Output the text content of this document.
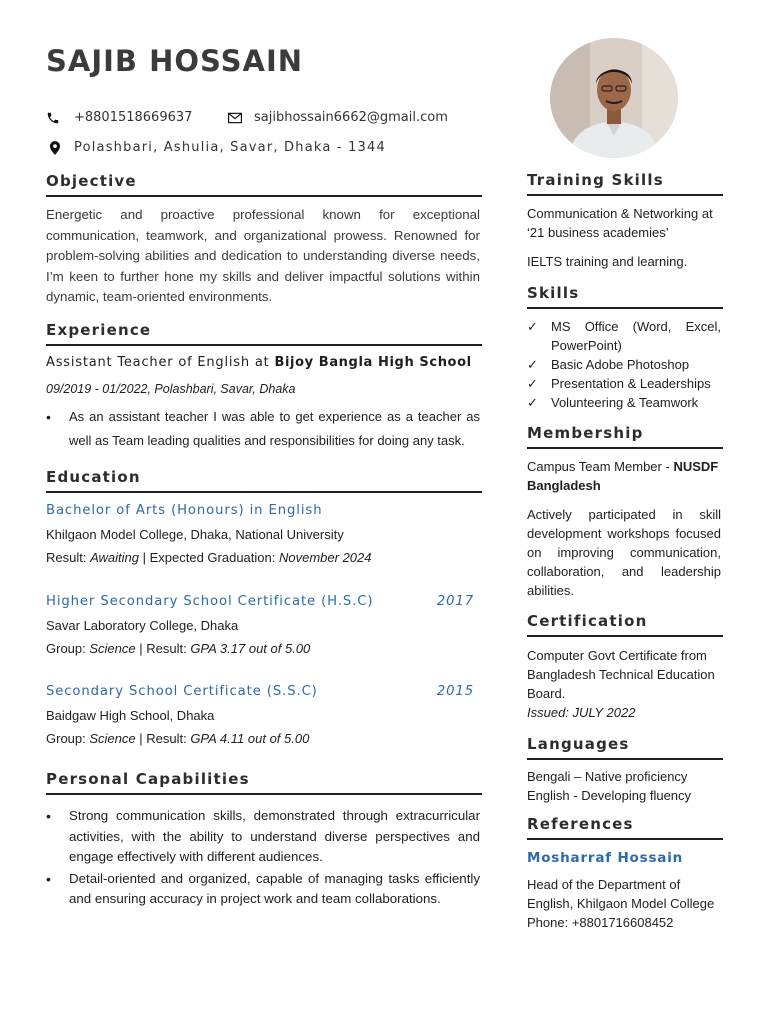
SAJIB HOSSAIN
+8801518669637	sajibhossain6662@gmail.com
Polashbari, Ashulia, Savar, Dhaka - 1344
Objective
Energetic and proactive professional known for exceptional communication, teamwork, and organizational prowess. Renowned for problem-solving abilities and dedication to understanding diverse needs, I’m keen to further hone my skills and deliver impactful solutions within dynamic, team-oriented environments.
Experience
Assistant Teacher of English at Bijoy Bangla High School
09/2019 - 01/2022, Polashbari, Savar, Dhaka
• As an assistant teacher I was able to get experience as a teacher as well as Team leading qualities and responsibilities for doing any task.
Education
Bachelor of Arts (Honours) in English
Khilgaon Model College, Dhaka, National University
Result: Awaiting | Expected Graduation: November 2024
Higher Secondary School Certificate (H.S.C)	2017
Savar Laboratory College, Dhaka
Group: Science | Result: GPA 3.17 out of 5.00
Secondary School Certificate (S.S.C)	2015
Baidgaw High School, Dhaka
Group: Science | Result: GPA 4.11 out of 5.00
Personal Capabilities
• Strong communication skills, demonstrated through extracurricular activities, with the ability to understand diverse perspectives and engage effectively with different audiences.
• Detail-oriented and organized, capable of managing tasks efficiently and ensuring accuracy in project work and team collaborations.
Training Skills
Communication & Networking at ‘21 business academies’
IELTS training and learning.
Skills
✓ MS Office (Word, Excel, PowerPoint)
✓ Basic Adobe Photoshop
✓ Presentation & Leaderships
✓ Volunteering & Teamwork
Membership
Campus Team Member - NUSDF Bangladesh
Actively participated in skill development workshops focused on improving communication, collaboration, and leadership abilities.
Certification
Computer Govt Certificate from Bangladesh Technical Education Board.
Issued: JULY 2022
Languages
Bengali – Native proficiency
English - Developing fluency
References
Mosharraf Hossain
Head of the Department of
English, Khilgaon Model College
Phone: +8801716608452
